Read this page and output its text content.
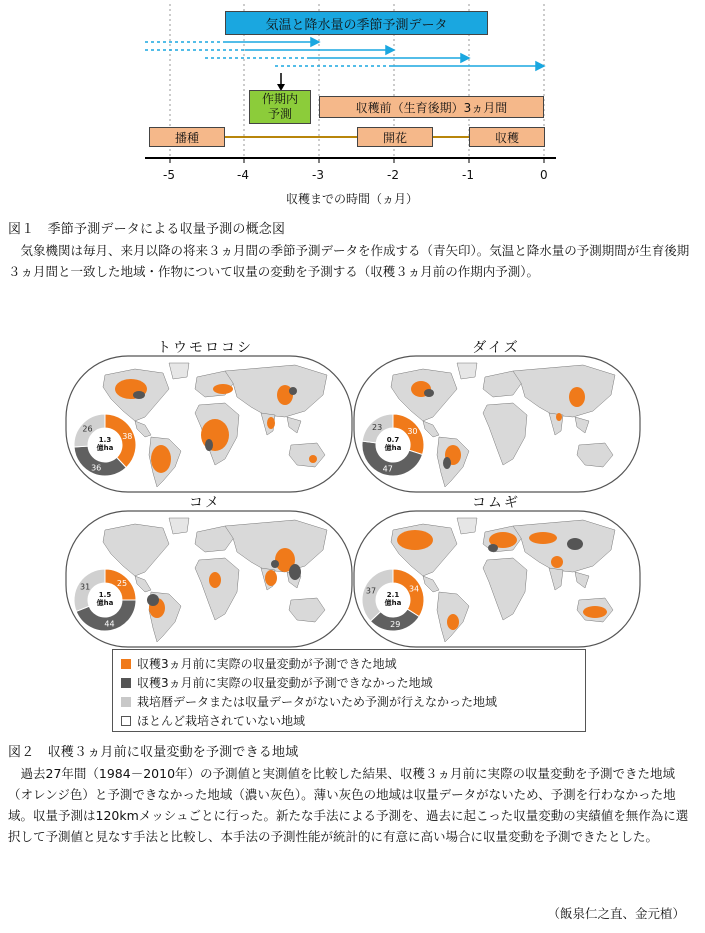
気温と降水量の季節予測データ
作期内予測	収穫前（生育後期）3ヵ月間
播種	開花	収穫
-5	-4	-3	-2	-1	0
収穫までの時間（ヵ月）
図１　季節予測データによる収量予測の概念図
　気象機関は毎月、来月以降の将来３ヵ月間の季節予測データを作成する（青矢印）。気温と降水量の予測期間が生育後期３ヵ月間と一致した地域・作物について収量の変動を予測する（収穫３ヵ月前の作期内予測）。
トウモロコシ	ダイズ
コメ	コムギ
38
36
26	30
47
23
25
44
31	34
29
37
1.3
億ha
0.7
億ha
1.5
億ha
2.1
億ha
収穫3ヵ月前に実際の収量変動が予測できた地域
収穫3ヵ月前に実際の収量変動が予測できなかった地域
栽培暦データまたは収量データがないため予測が行えなかった地域
ほとんど栽培されていない地域
図２　収穫３ヵ月前に収量変動を予測できる地域
　過去27年間（1984－2010年）の予測値と実測値を比較した結果、収穫３ヵ月前に実際の収量変動を予測できた地域（オレンジ色）と予測できなかった地域（濃い灰色）。薄い灰色の地域は収量データがないため、予測を行わなかった地域。収量予測は120kmメッシュごとに行った。新たな手法による予測を、過去に起こった収量変動の実績値を無作為に選択して予測値と見なす手法と比較し、本手法の予測性能が統計的に有意に高い場合に収量変動を予測できたとした。
（飯泉仁之直、金元植）
